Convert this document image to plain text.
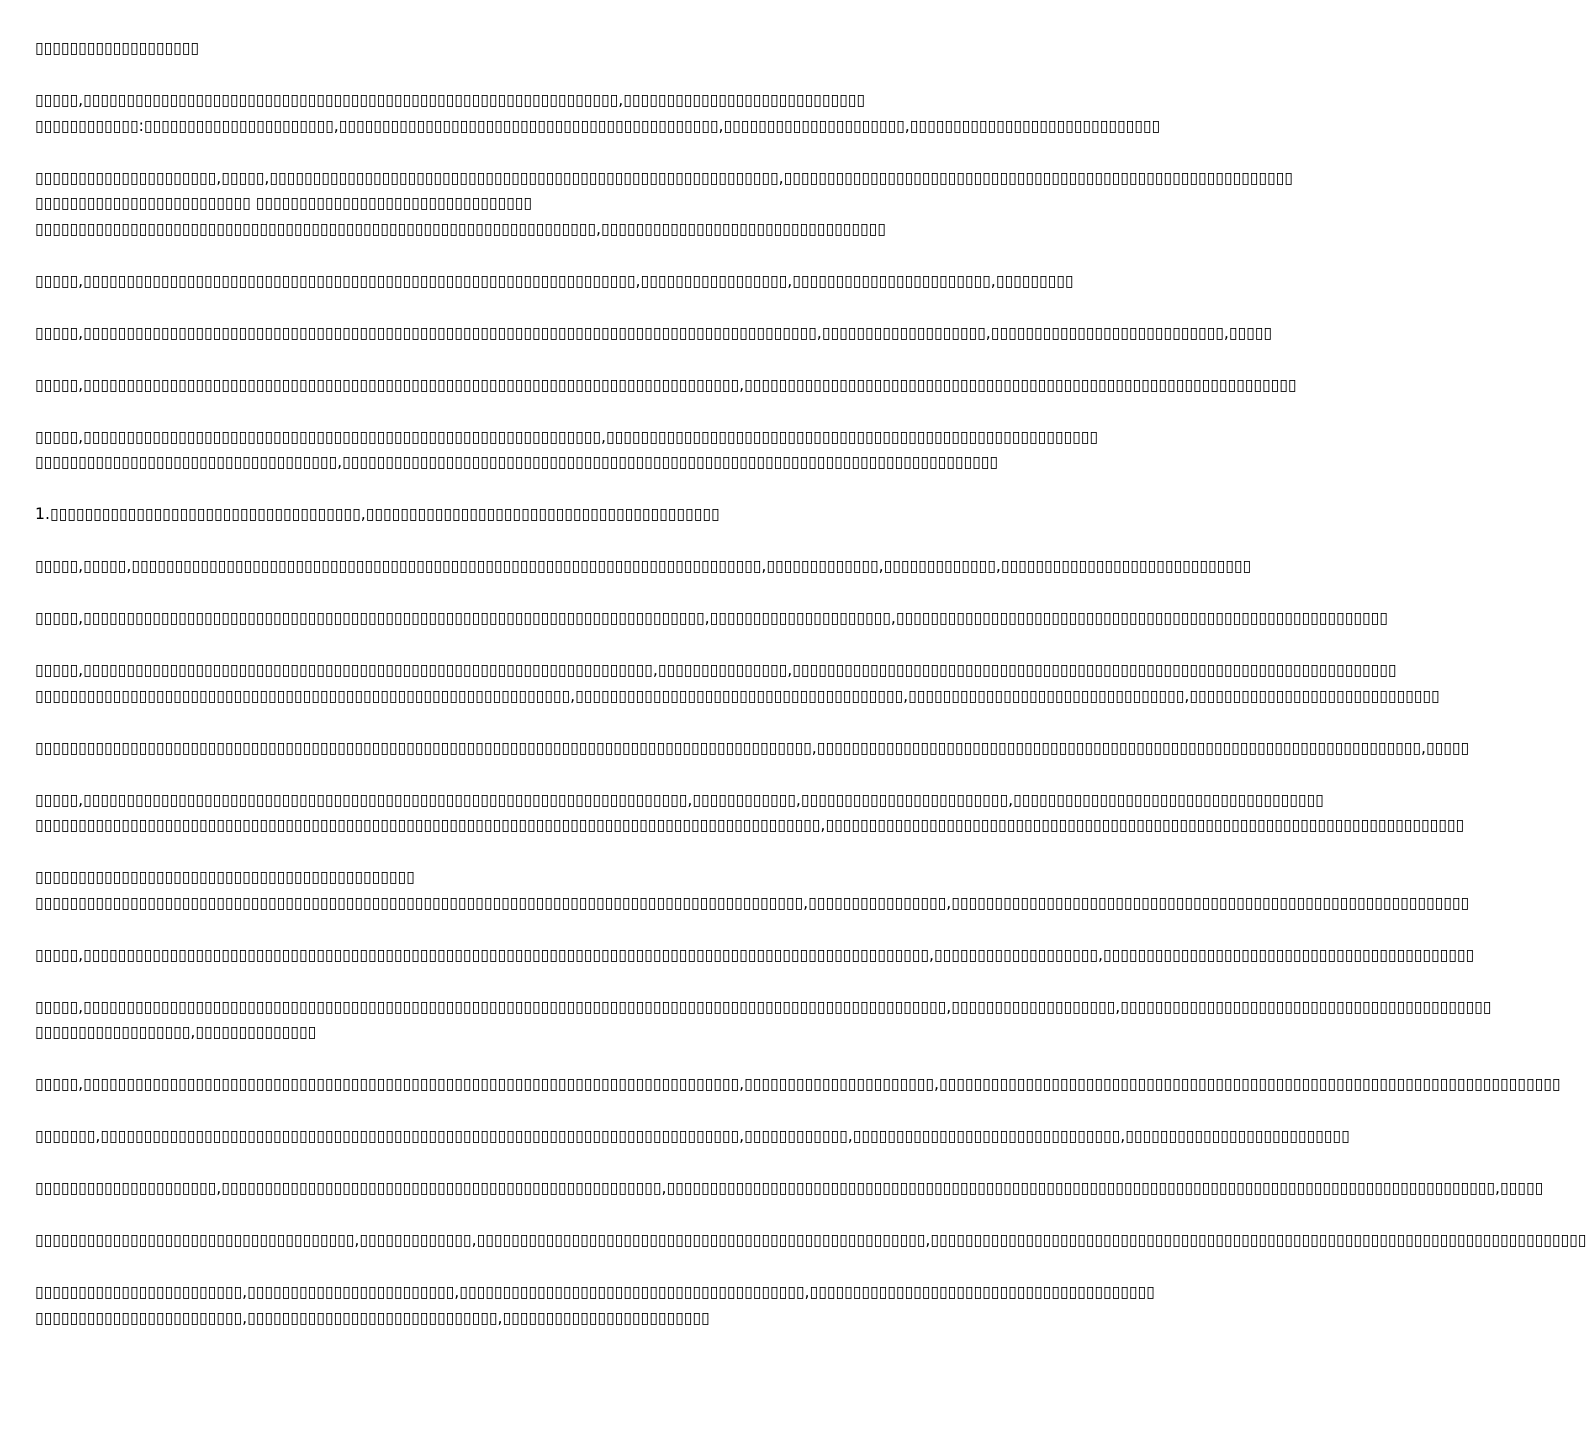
▯▯▯▯▯▯▯▯▯▯▯▯▯▯▯▯▯▯▯
▯▯▯▯▯,▯▯▯▯▯▯▯▯▯▯▯▯▯▯▯▯▯▯▯▯▯▯▯▯▯▯▯▯▯▯▯▯▯▯▯▯▯▯▯▯▯▯▯▯▯▯▯▯▯▯▯▯▯▯▯▯▯▯▯▯▯▯,▯▯▯▯▯▯▯▯▯▯▯▯▯▯▯▯▯▯▯▯▯▯▯▯▯▯▯▯
▯▯▯▯▯▯▯▯▯▯▯▯:▯▯▯▯▯▯▯▯▯▯▯▯▯▯▯▯▯▯▯▯▯▯,▯▯▯▯▯▯▯▯▯▯▯▯▯▯▯▯▯▯▯▯▯▯▯▯▯▯▯▯▯▯▯▯▯▯▯▯▯▯▯▯▯▯▯▯,▯▯▯▯▯▯▯▯▯▯▯▯▯▯▯▯▯▯▯▯▯,▯▯▯▯▯▯▯▯▯▯▯▯▯▯▯▯▯▯▯▯▯▯▯▯▯▯▯▯▯
▯▯▯▯▯▯▯▯▯▯▯▯▯▯▯▯▯▯▯▯▯,▯▯▯▯▯,▯▯▯▯▯▯▯▯▯▯▯▯▯▯▯▯▯▯▯▯▯▯▯▯▯▯▯▯▯▯▯▯▯▯▯▯▯▯▯▯▯▯▯▯▯▯▯▯▯▯▯▯▯▯▯▯▯▯▯,▯▯▯▯▯▯▯▯▯▯▯▯▯▯▯▯▯▯▯▯▯▯▯▯▯▯▯▯▯▯▯▯▯▯▯▯▯▯▯▯▯▯▯▯▯▯▯▯▯▯▯▯▯▯▯▯▯▯▯
▯▯▯▯▯▯▯▯▯▯▯▯▯▯▯▯▯▯▯▯▯▯▯▯▯ ▯▯▯▯▯▯▯▯▯▯▯▯▯▯▯▯▯▯▯▯▯▯▯▯▯▯▯▯▯▯▯▯
▯▯▯▯▯▯▯▯▯▯▯▯▯▯▯▯▯▯▯▯▯▯▯▯▯▯▯▯▯▯▯▯▯▯▯▯▯▯▯▯▯▯▯▯▯▯▯▯▯▯▯▯▯▯▯▯▯▯▯▯▯▯▯▯▯,▯▯▯▯▯▯▯▯▯▯▯▯▯▯▯▯▯▯▯▯▯▯▯▯▯▯▯▯▯▯▯▯▯
▯▯▯▯▯,▯▯▯▯▯▯▯▯▯▯▯▯▯▯▯▯▯▯▯▯▯▯▯▯▯▯▯▯▯▯▯▯▯▯▯▯▯▯▯▯▯▯▯▯▯▯▯▯▯▯▯▯▯▯▯▯▯▯▯▯▯▯▯▯,▯▯▯▯▯▯▯▯▯▯▯▯▯▯▯▯▯,▯▯▯▯▯▯▯▯▯▯▯▯▯▯▯▯▯▯▯▯▯▯▯,▯▯▯▯▯▯▯▯▯
▯▯▯▯▯,▯▯▯▯▯▯▯▯▯▯▯▯▯▯▯▯▯▯▯▯▯▯▯▯▯▯▯▯▯▯▯▯▯▯▯▯▯▯▯▯▯▯▯▯▯▯▯▯▯▯▯▯▯▯▯▯▯▯▯▯▯▯▯▯▯▯▯▯▯▯▯▯▯▯▯▯▯▯▯▯▯▯▯▯▯,▯▯▯▯▯▯▯▯▯▯▯▯▯▯▯▯▯▯▯,▯▯▯▯▯▯▯▯▯▯▯▯▯▯▯▯▯▯▯▯▯▯▯▯▯▯▯,▯▯▯▯▯
▯▯▯▯▯,▯▯▯▯▯▯▯▯▯▯▯▯▯▯▯▯▯▯▯▯▯▯▯▯▯▯▯▯▯▯▯▯▯▯▯▯▯▯▯▯▯▯▯▯▯▯▯▯▯▯▯▯▯▯▯▯▯▯▯▯▯▯▯▯▯▯▯▯▯▯▯▯▯▯▯▯,▯▯▯▯▯▯▯▯▯▯▯▯▯▯▯▯▯▯▯▯▯▯▯▯▯▯▯▯▯▯▯▯▯▯▯▯▯▯▯▯▯▯▯▯▯▯▯▯▯▯▯▯▯▯▯▯▯▯▯▯▯▯▯▯
▯▯▯▯▯,▯▯▯▯▯▯▯▯▯▯▯▯▯▯▯▯▯▯▯▯▯▯▯▯▯▯▯▯▯▯▯▯▯▯▯▯▯▯▯▯▯▯▯▯▯▯▯▯▯▯▯▯▯▯▯▯▯▯▯▯,▯▯▯▯▯▯▯▯▯▯▯▯▯▯▯▯▯▯▯▯▯▯▯▯▯▯▯▯▯▯▯▯▯▯▯▯▯▯▯▯▯▯▯▯▯▯▯▯▯▯▯▯▯▯▯▯▯
▯▯▯▯▯▯▯▯▯▯▯▯▯▯▯▯▯▯▯▯▯▯▯▯▯▯▯▯▯▯▯▯▯▯▯,▯▯▯▯▯▯▯▯▯▯▯▯▯▯▯▯▯▯▯▯▯▯▯▯▯▯▯▯▯▯▯▯▯▯▯▯▯▯▯▯▯▯▯▯▯▯▯▯▯▯▯▯▯▯▯▯▯▯▯▯▯▯▯▯▯▯▯▯▯▯▯▯▯▯▯▯
1.▯▯▯▯▯▯▯▯▯▯▯▯▯▯▯▯▯▯▯▯▯▯▯▯▯▯▯▯▯▯▯▯▯▯▯▯,▯▯▯▯▯▯▯▯▯▯▯▯▯▯▯▯▯▯▯▯▯▯▯▯▯▯▯▯▯▯▯▯▯▯▯▯▯▯▯▯▯
▯▯▯▯▯,▯▯▯▯▯,▯▯▯▯▯▯▯▯▯▯▯▯▯▯▯▯▯▯▯▯▯▯▯▯▯▯▯▯▯▯▯▯▯▯▯▯▯▯▯▯▯▯▯▯▯▯▯▯▯▯▯▯▯▯▯▯▯▯▯▯▯▯▯▯▯▯▯▯▯▯▯▯▯,▯▯▯▯▯▯▯▯▯▯▯▯▯,▯▯▯▯▯▯▯▯▯▯▯▯▯,▯▯▯▯▯▯▯▯▯▯▯▯▯▯▯▯▯▯▯▯▯▯▯▯▯▯▯▯▯
▯▯▯▯▯,▯▯▯▯▯▯▯▯▯▯▯▯▯▯▯▯▯▯▯▯▯▯▯▯▯▯▯▯▯▯▯▯▯▯▯▯▯▯▯▯▯▯▯▯▯▯▯▯▯▯▯▯▯▯▯▯▯▯▯▯▯▯▯▯▯▯▯▯▯▯▯▯,▯▯▯▯▯▯▯▯▯▯▯▯▯▯▯▯▯▯▯▯▯,▯▯▯▯▯▯▯▯▯▯▯▯▯▯▯▯▯▯▯▯▯▯▯▯▯▯▯▯▯▯▯▯▯▯▯▯▯▯▯▯▯▯▯▯▯▯▯▯▯▯▯▯▯▯▯▯▯
▯▯▯▯▯,▯▯▯▯▯▯▯▯▯▯▯▯▯▯▯▯▯▯▯▯▯▯▯▯▯▯▯▯▯▯▯▯▯▯▯▯▯▯▯▯▯▯▯▯▯▯▯▯▯▯▯▯▯▯▯▯▯▯▯▯▯▯▯▯▯▯,▯▯▯▯▯▯▯▯▯▯▯▯▯▯▯,▯▯▯▯▯▯▯▯▯▯▯▯▯▯▯▯▯▯▯▯▯▯▯▯▯▯▯▯▯▯▯▯▯▯▯▯▯▯▯▯▯▯▯▯▯▯▯▯▯▯▯▯▯▯▯▯▯▯▯▯▯▯▯▯▯▯▯▯▯▯
▯▯▯▯▯▯▯▯▯▯▯▯▯▯▯▯▯▯▯▯▯▯▯▯▯▯▯▯▯▯▯▯▯▯▯▯▯▯▯▯▯▯▯▯▯▯▯▯▯▯▯▯▯▯▯▯▯▯▯▯▯▯,▯▯▯▯▯▯▯▯▯▯▯▯▯▯▯▯▯▯▯▯▯▯▯▯▯▯▯▯▯▯▯▯▯▯▯▯▯▯,▯▯▯▯▯▯▯▯▯▯▯▯▯▯▯▯▯▯▯▯▯▯▯▯▯▯▯▯▯▯▯▯,▯▯▯▯▯▯▯▯▯▯▯▯▯▯▯▯▯▯▯▯▯▯▯▯▯▯▯▯▯
▯▯▯▯▯▯▯▯▯▯▯▯▯▯▯▯▯▯▯▯▯▯▯▯▯▯▯▯▯▯▯▯▯▯▯▯▯▯▯▯▯▯▯▯▯▯▯▯▯▯▯▯▯▯▯▯▯▯▯▯▯▯▯▯▯▯▯▯▯▯▯▯▯▯▯▯▯▯▯▯▯▯▯▯▯▯▯▯▯▯,▯▯▯▯▯▯▯▯▯▯▯▯▯▯▯▯▯▯▯▯▯▯▯▯▯▯▯▯▯▯▯▯▯▯▯▯▯▯▯▯▯▯▯▯▯▯▯▯▯▯▯▯▯▯▯▯▯▯▯▯▯▯▯▯▯▯▯▯▯▯,▯▯▯▯▯
▯▯▯▯▯,▯▯▯▯▯▯▯▯▯▯▯▯▯▯▯▯▯▯▯▯▯▯▯▯▯▯▯▯▯▯▯▯▯▯▯▯▯▯▯▯▯▯▯▯▯▯▯▯▯▯▯▯▯▯▯▯▯▯▯▯▯▯▯▯▯▯▯▯▯▯,▯▯▯▯▯▯▯▯▯▯▯▯,▯▯▯▯▯▯▯▯▯▯▯▯▯▯▯▯▯▯▯▯▯▯▯▯,▯▯▯▯▯▯▯▯▯▯▯▯▯▯▯▯▯▯▯▯▯▯▯▯▯▯▯▯▯▯▯▯▯▯▯▯
▯▯▯▯▯▯▯▯▯▯▯▯▯▯▯▯▯▯▯▯▯▯▯▯▯▯▯▯▯▯▯▯▯▯▯▯▯▯▯▯▯▯▯▯▯▯▯▯▯▯▯▯▯▯▯▯▯▯▯▯▯▯▯▯▯▯▯▯▯▯▯▯▯▯▯▯▯▯▯▯▯▯▯▯▯▯▯▯▯▯▯,▯▯▯▯▯▯▯▯▯▯▯▯▯▯▯▯▯▯▯▯▯▯▯▯▯▯▯▯▯▯▯▯▯▯▯▯▯▯▯▯▯▯▯▯▯▯▯▯▯▯▯▯▯▯▯▯▯▯▯▯▯▯▯▯▯▯▯▯▯▯▯▯▯▯
▯▯▯▯▯▯▯▯▯▯▯▯▯▯▯▯▯▯▯▯▯▯▯▯▯▯▯▯▯▯▯▯▯▯▯▯▯▯▯▯▯▯▯▯
▯▯▯▯▯▯▯▯▯▯▯▯▯▯▯▯▯▯▯▯▯▯▯▯▯▯▯▯▯▯▯▯▯▯▯▯▯▯▯▯▯▯▯▯▯▯▯▯▯▯▯▯▯▯▯▯▯▯▯▯▯▯▯▯▯▯▯▯▯▯▯▯▯▯▯▯▯▯▯▯▯▯▯▯▯▯▯▯▯,▯▯▯▯▯▯▯▯▯▯▯▯▯▯▯▯,▯▯▯▯▯▯▯▯▯▯▯▯▯▯▯▯▯▯▯▯▯▯▯▯▯▯▯▯▯▯▯▯▯▯▯▯▯▯▯▯▯▯▯▯▯▯▯▯▯▯▯▯▯▯▯▯▯▯▯▯
▯▯▯▯▯,▯▯▯▯▯▯▯▯▯▯▯▯▯▯▯▯▯▯▯▯▯▯▯▯▯▯▯▯▯▯▯▯▯▯▯▯▯▯▯▯▯▯▯▯▯▯▯▯▯▯▯▯▯▯▯▯▯▯▯▯▯▯▯▯▯▯▯▯▯▯▯▯▯▯▯▯▯▯▯▯▯▯▯▯▯▯▯▯▯▯▯▯▯▯▯▯▯▯,▯▯▯▯▯▯▯▯▯▯▯▯▯▯▯▯▯▯▯,▯▯▯▯▯▯▯▯▯▯▯▯▯▯▯▯▯▯▯▯▯▯▯▯▯▯▯▯▯▯▯▯▯▯▯▯▯▯▯▯▯▯▯
▯▯▯▯▯,▯▯▯▯▯▯▯▯▯▯▯▯▯▯▯▯▯▯▯▯▯▯▯▯▯▯▯▯▯▯▯▯▯▯▯▯▯▯▯▯▯▯▯▯▯▯▯▯▯▯▯▯▯▯▯▯▯▯▯▯▯▯▯▯▯▯▯▯▯▯▯▯▯▯▯▯▯▯▯▯▯▯▯▯▯▯▯▯▯▯▯▯▯▯▯▯▯▯▯▯,▯▯▯▯▯▯▯▯▯▯▯▯▯▯▯▯▯▯▯,▯▯▯▯▯▯▯▯▯▯▯▯▯▯▯▯▯▯▯▯▯▯▯▯▯▯▯▯▯▯▯▯▯▯▯▯▯▯▯▯▯▯▯
▯▯▯▯▯▯▯▯▯▯▯▯▯▯▯▯▯▯,▯▯▯▯▯▯▯▯▯▯▯▯▯▯
▯▯▯▯▯,▯▯▯▯▯▯▯▯▯▯▯▯▯▯▯▯▯▯▯▯▯▯▯▯▯▯▯▯▯▯▯▯▯▯▯▯▯▯▯▯▯▯▯▯▯▯▯▯▯▯▯▯▯▯▯▯▯▯▯▯▯▯▯▯▯▯▯▯▯▯▯▯▯▯▯▯,▯▯▯▯▯▯▯▯▯▯▯▯▯▯▯▯▯▯▯▯▯▯,▯▯▯▯▯▯▯▯▯▯▯▯▯▯▯▯▯▯▯▯▯▯▯▯▯▯▯▯▯▯▯▯▯▯▯▯▯▯▯▯▯▯▯▯▯▯▯▯▯▯▯▯▯▯▯▯▯▯▯▯▯▯▯▯▯▯▯▯▯▯▯▯
▯▯▯▯▯▯▯,▯▯▯▯▯▯▯▯▯▯▯▯▯▯▯▯▯▯▯▯▯▯▯▯▯▯▯▯▯▯▯▯▯▯▯▯▯▯▯▯▯▯▯▯▯▯▯▯▯▯▯▯▯▯▯▯▯▯▯▯▯▯▯▯▯▯▯▯▯▯▯▯▯▯,▯▯▯▯▯▯▯▯▯▯▯▯,▯▯▯▯▯▯▯▯▯▯▯▯▯▯▯▯▯▯▯▯▯▯▯▯▯▯▯▯▯▯▯,▯▯▯▯▯▯▯▯▯▯▯▯▯▯▯▯▯▯▯▯▯▯▯▯▯▯
▯▯▯▯▯▯▯▯▯▯▯▯▯▯▯▯▯▯▯▯▯,▯▯▯▯▯▯▯▯▯▯▯▯▯▯▯▯▯▯▯▯▯▯▯▯▯▯▯▯▯▯▯▯▯▯▯▯▯▯▯▯▯▯▯▯▯▯▯▯▯▯▯,▯▯▯▯▯▯▯▯▯▯▯▯▯▯▯▯▯▯▯▯▯▯▯▯▯▯▯▯▯▯▯▯▯▯▯▯▯▯▯▯▯▯▯▯▯▯▯▯▯▯▯▯▯▯▯▯▯▯▯▯▯▯▯▯▯▯▯▯▯▯▯▯▯▯▯▯▯▯▯▯▯▯▯▯▯▯▯▯▯▯▯▯▯▯▯▯,▯▯▯▯▯
▯▯▯▯▯▯▯▯▯▯▯▯▯▯▯▯▯▯▯▯▯▯▯▯▯▯▯▯▯▯▯▯▯▯▯▯▯,▯▯▯▯▯▯▯▯▯▯▯▯▯,▯▯▯▯▯▯▯▯▯▯▯▯▯▯▯▯▯▯▯▯▯▯▯▯▯▯▯▯▯▯▯▯▯▯▯▯▯▯▯▯▯▯▯▯▯▯▯▯▯▯▯▯,▯▯▯▯▯▯▯▯▯▯▯▯▯▯▯▯▯▯▯▯▯▯▯▯▯▯▯▯▯▯▯▯▯▯▯▯▯▯▯▯▯▯▯▯▯▯▯▯▯▯▯▯▯▯▯▯▯▯▯▯▯▯▯▯▯▯▯▯▯▯▯▯▯▯▯▯
▯▯▯▯▯▯▯▯▯▯▯▯▯▯▯▯▯▯▯▯▯▯▯▯,▯▯▯▯▯▯▯▯▯▯▯▯▯▯▯▯▯▯▯▯▯▯▯▯,▯▯▯▯▯▯▯▯▯▯▯▯▯▯▯▯▯▯▯▯▯▯▯▯▯▯▯▯▯▯▯▯▯▯▯▯▯▯▯▯,▯▯▯▯▯▯▯▯▯▯▯▯▯▯▯▯▯▯▯▯▯▯▯▯▯▯▯▯▯▯▯▯▯▯▯▯▯▯▯▯
▯▯▯▯▯▯▯▯▯▯▯▯▯▯▯▯▯▯▯▯▯▯▯▯,▯▯▯▯▯▯▯▯▯▯▯▯▯▯▯▯▯▯▯▯▯▯▯▯▯▯▯▯▯,▯▯▯▯▯▯▯▯▯▯▯▯▯▯▯▯▯▯▯▯▯▯▯▯
